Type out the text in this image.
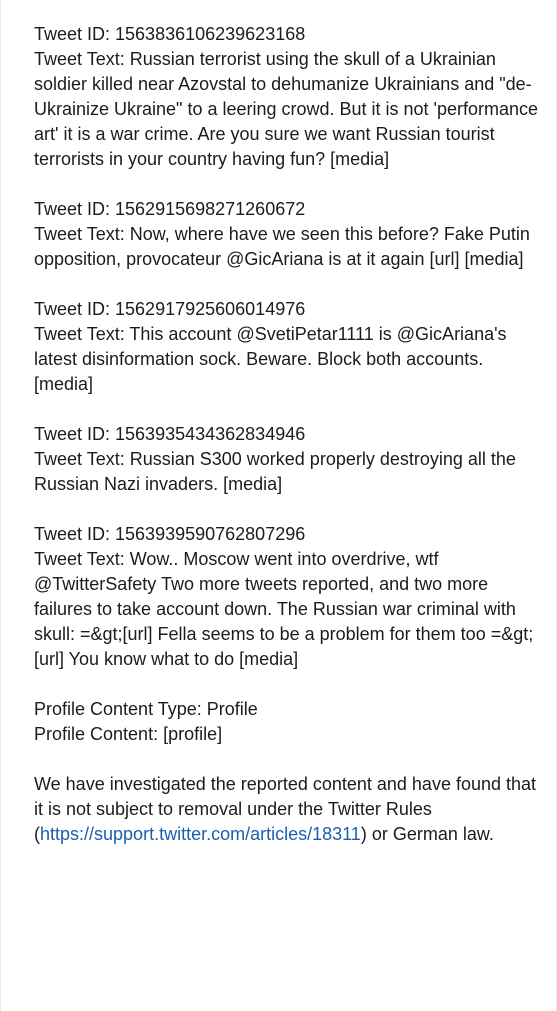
Tweet ID: 1563836106239623168
Tweet Text: Russian terrorist using the skull of a Ukrainian soldier killed near Azovstal to dehumanize Ukrainians and "de-Ukrainize Ukraine" to a leering crowd. But it is not 'performance art' it is a war crime. Are you sure we want Russian tourist terrorists in your country having fun? [media]
Tweet ID: 1562915698271260672
Tweet Text: Now, where have we seen this before? Fake Putin opposition, provocateur @GicAriana is at it again [url] [media]
Tweet ID: 1562917925606014976
Tweet Text: This account @SvetiPetar1111 is @GicAriana's latest disinformation sock. Beware. Block both accounts. [media]
Tweet ID: 1563935434362834946
Tweet Text: Russian S300 worked properly destroying all the Russian Nazi invaders. [media]
Tweet ID: 1563939590762807296
Tweet Text: Wow.. Moscow went into overdrive, wtf @TwitterSafety Two more tweets reported, and two more failures to take account down. The Russian war criminal with skull: =&gt;[url] Fella seems to be a problem for them too =&gt;[url] You know what to do [media]
Profile Content Type: Profile
Profile Content: [profile]
We have investigated the reported content and have found that it is not subject to removal under the Twitter Rules (https://support.twitter.com/articles/18311) or German law.
